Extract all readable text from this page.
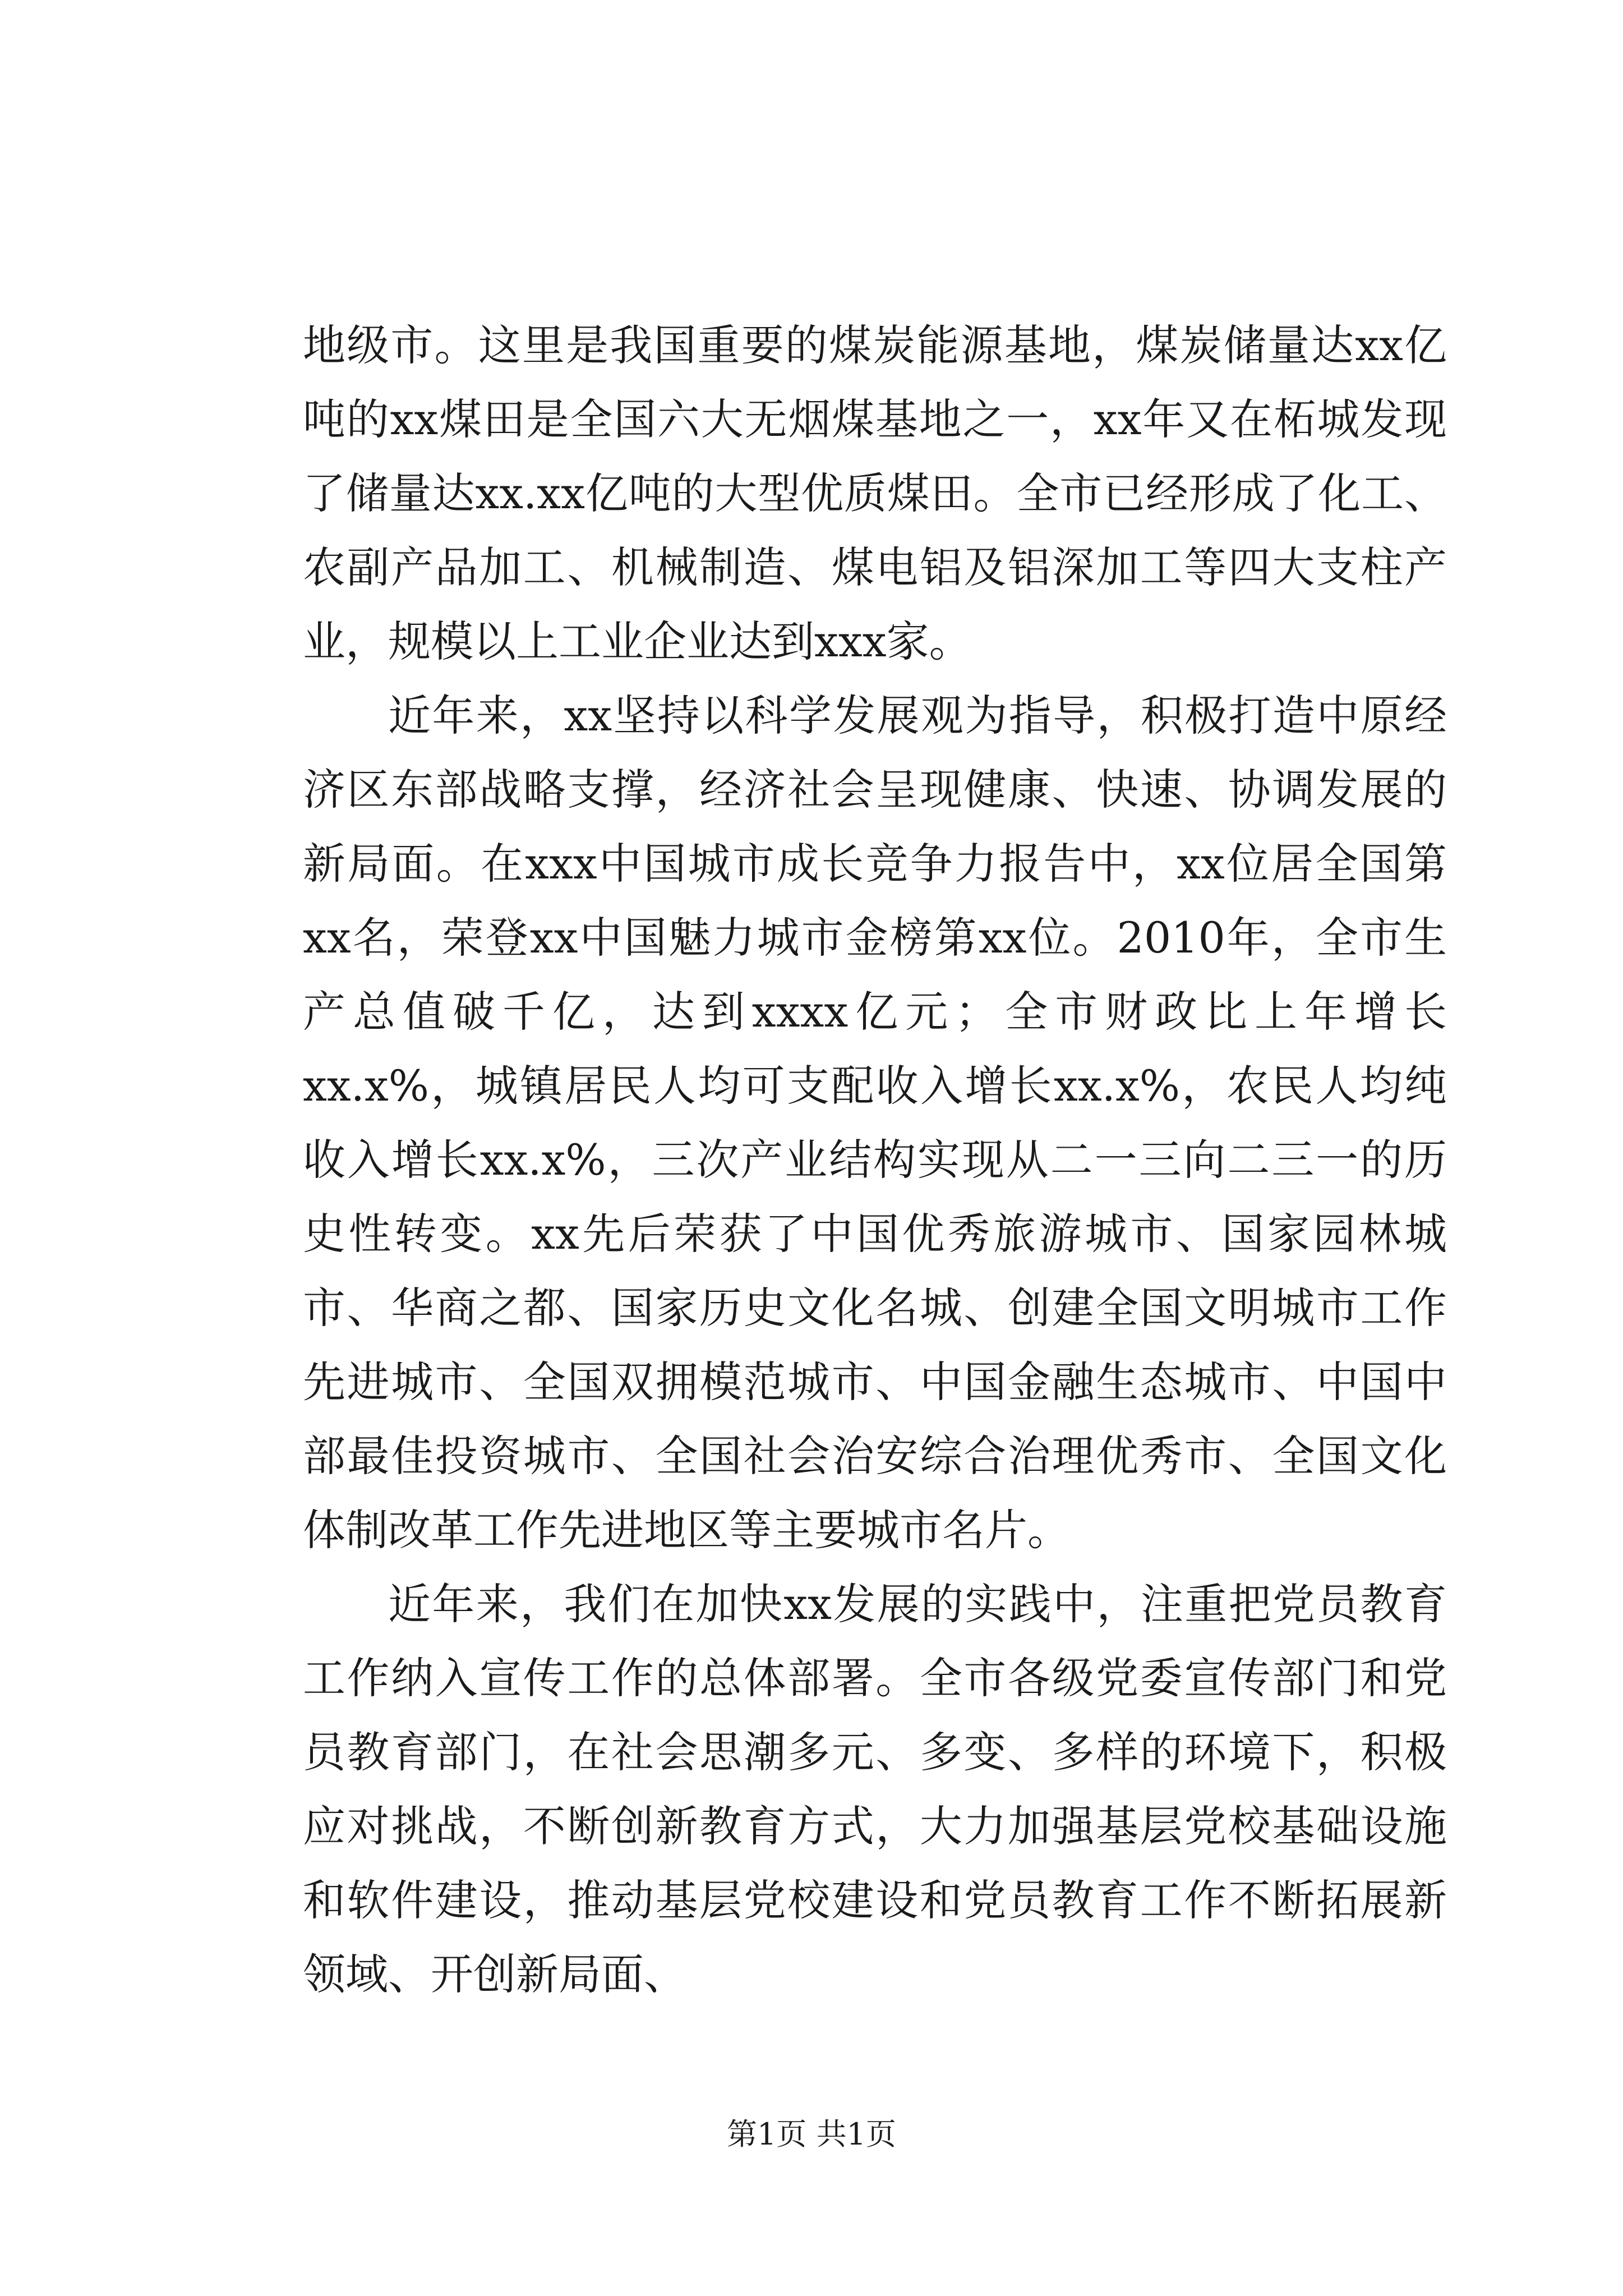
地级市。这里是我国重要的煤炭能源基地，煤炭储量达xx亿吨的xx煤田是全国六大无烟煤基地之一，xx年又在柘城发现了储量达xx.xx亿吨的大型优质煤田。全市已经形成了化工、农副产品加工、机械制造、煤电铝及铝深加工等四大支柱产业，规模以上工业企业达到xxx家。

近年来，xx坚持以科学发展观为指导，积极打造中原经济区东部战略支撑，经济社会呈现健康、快速、协调发展的新局面。在xxx中国城市成长竞争力报告中，xx位居全国第xx名，荣登xx中国魅力城市金榜第xx位。2010年，全市生产总值破千亿，达到xxxx亿元；全市财政比上年增长xx.x%，城镇居民人均可支配收入增长xx.x%，农民人均纯收入增长xx.x%，三次产业结构实现从二一三向二三一的历史性转变。xx先后荣获了中国优秀旅游城市、国家园林城市、华商之都、国家历史文化名城、创建全国文明城市工作先进城市、全国双拥模范城市、中国金融生态城市、中国中部最佳投资城市、全国社会治安综合治理优秀市、全国文化体制改革工作先进地区等主要城市名片。

近年来，我们在加快xx发展的实践中，注重把党员教育工作纳入宣传工作的总体部署。全市各级党委宣传部门和党员教育部门，在社会思潮多元、多变、多样的环境下，积极应对挑战，不断创新教育方式，大力加强基层党校基础设施和软件建设，推动基层党校建设和党员教育工作不断拓展新领域、开创新局面、

第1页 共1页
